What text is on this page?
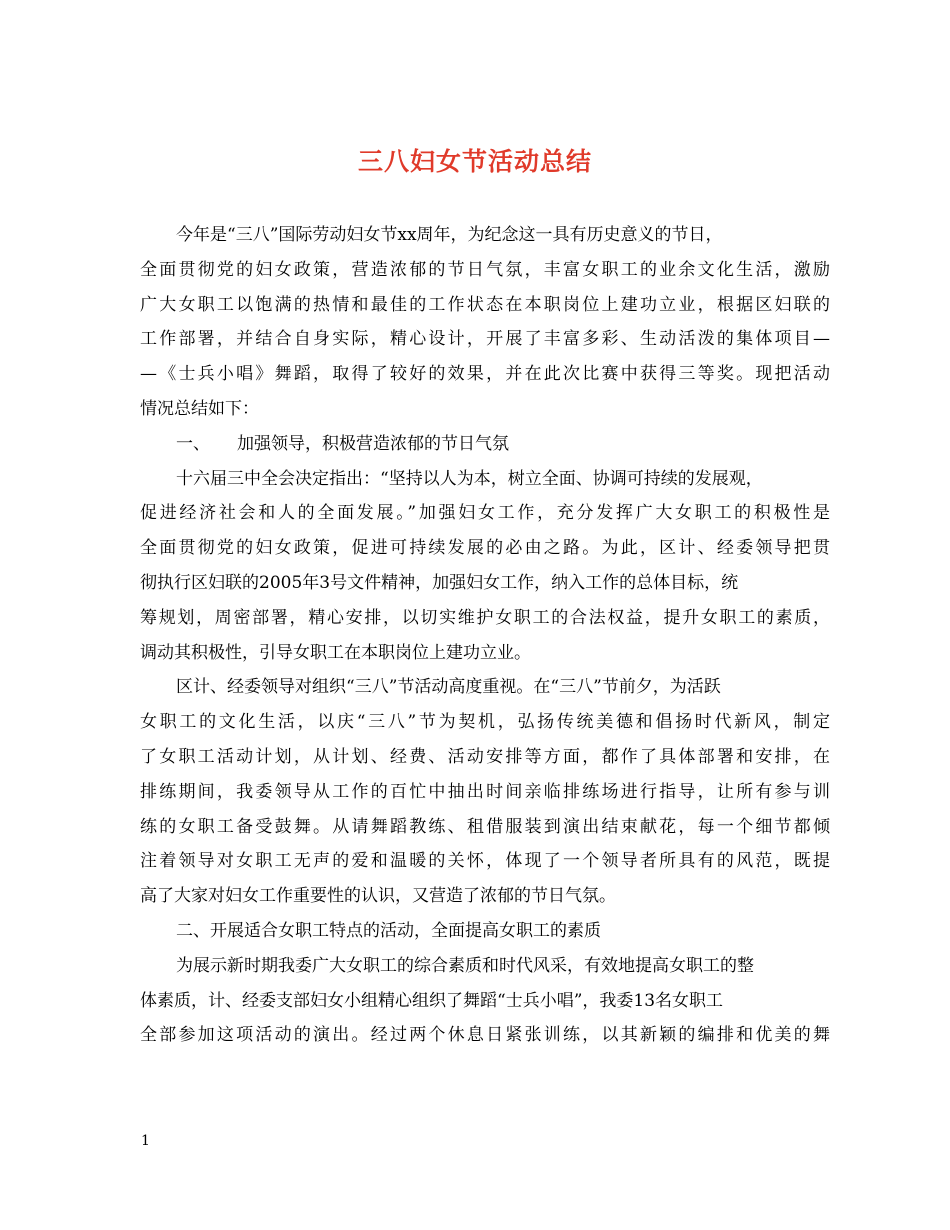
三八妇女节活动总结
今年是“三八”国际劳动妇女节xx周年，为纪念这一具有历史意义的节日，
全面贯彻党的妇女政策，营造浓郁的节日气氛，丰富女职工的业余文化生活，激励
广大女职工以饱满的热情和最佳的工作状态在本职岗位上建功立业，根据区妇联的
工作部署，并结合自身实际，精心设计，开展了丰富多彩、生动活泼的集体项目—
—《士兵小唱》舞蹈，取得了较好的效果，并在此次比赛中获得三等奖。现把活动
情况总结如下：
一、     加强领导，积极营造浓郁的节日气氛
十六届三中全会决定指出：“坚持以人为本，树立全面、协调可持续的发展观，
促进经济社会和人的全面发展。”加强妇女工作，充分发挥广大女职工的积极性是
全面贯彻党的妇女政策，促进可持续发展的必由之路。为此，区计、经委领导把贯
彻执行区妇联的2005年3号文件精神，加强妇女工作，纳入工作的总体目标，统
筹规划，周密部署，精心安排，以切实维护女职工的合法权益，提升女职工的素质，
调动其积极性，引导女职工在本职岗位上建功立业。
区计、经委领导对组织“三八”节活动高度重视。在“三八”节前夕，为活跃
女职工的文化生活，以庆“三八”节为契机，弘扬传统美德和倡扬时代新风，制定
了女职工活动计划，从计划、经费、活动安排等方面，都作了具体部署和安排，在
排练期间，我委领导从工作的百忙中抽出时间亲临排练场进行指导，让所有参与训
练的女职工备受鼓舞。从请舞蹈教练、租借服装到演出结束献花，每一个细节都倾
注着领导对女职工无声的爱和温暖的关怀，体现了一个领导者所具有的风范，既提
高了大家对妇女工作重要性的认识，又营造了浓郁的节日气氛。
二、开展适合女职工特点的活动，全面提高女职工的素质
为展示新时期我委广大女职工的综合素质和时代风采，有效地提高女职工的整
体素质，计、经委支部妇女小组精心组织了舞蹈“士兵小唱”，我委13名女职工
全部参加这项活动的演出。经过两个休息日紧张训练，以其新颖的编排和优美的舞
1
